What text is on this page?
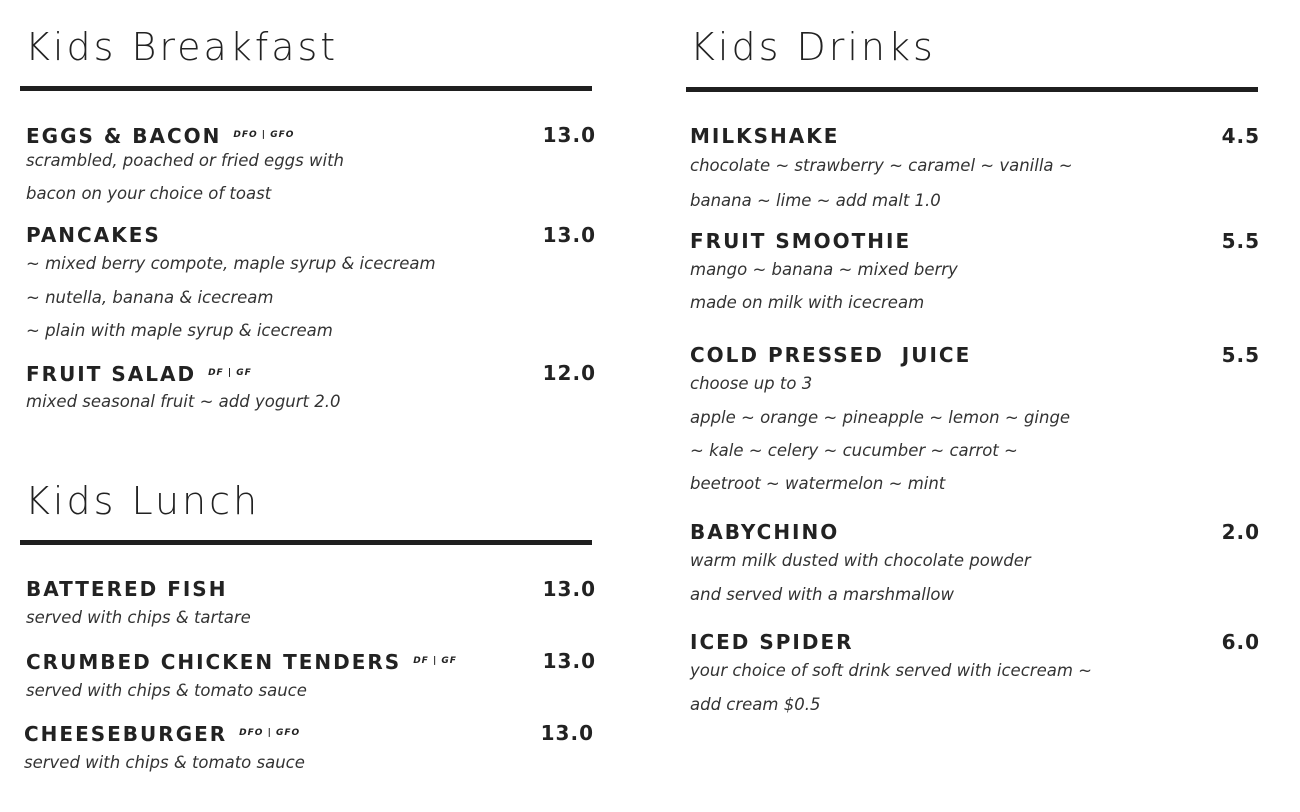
Kids Breakfast
EGGS & BACON $^{DFO | GFO}$	13.0
scrambled, poached or fried eggs with
bacon on your choice of toast
PANCAKES	13.0
~ mixed berry compote, maple syrup & icecream
~ nutella, banana & icecream
~ plain with maple syrup & icecream
FRUIT SALAD $^{DF | GF}$	12.0
mixed seasonal fruit ~ add yogurt 2.0
Kids Lunch
BATTERED FISH	13.0
served with chips & tartare
CRUMBED CHICKEN TENDERS $^{DF | GF}$	13.0
served with chips & tomato sauce
CHEESEBURGER $^{DFO | GFO}$	13.0
served with chips & tomato sauce
Kids Drinks
MILKSHAKE	4.5
chocolate ~ strawberry ~ caramel ~ vanilla ~
banana ~ lime ~ add malt 1.0
FRUIT SMOOTHIE	5.5
mango ~ banana ~ mixed berry
made on milk with icecream
COLD PRESSED  JUICE	5.5
choose up to 3
apple ~ orange ~ pineapple ~ lemon ~ ginge
~ kale ~ celery ~ cucumber ~ carrot ~
beetroot ~ watermelon ~ mint
BABYCHINO	2.0
warm milk dusted with chocolate powder
and served with a marshmallow
ICED SPIDER	6.0
your choice of soft drink served with icecream ~
add cream $0.5
